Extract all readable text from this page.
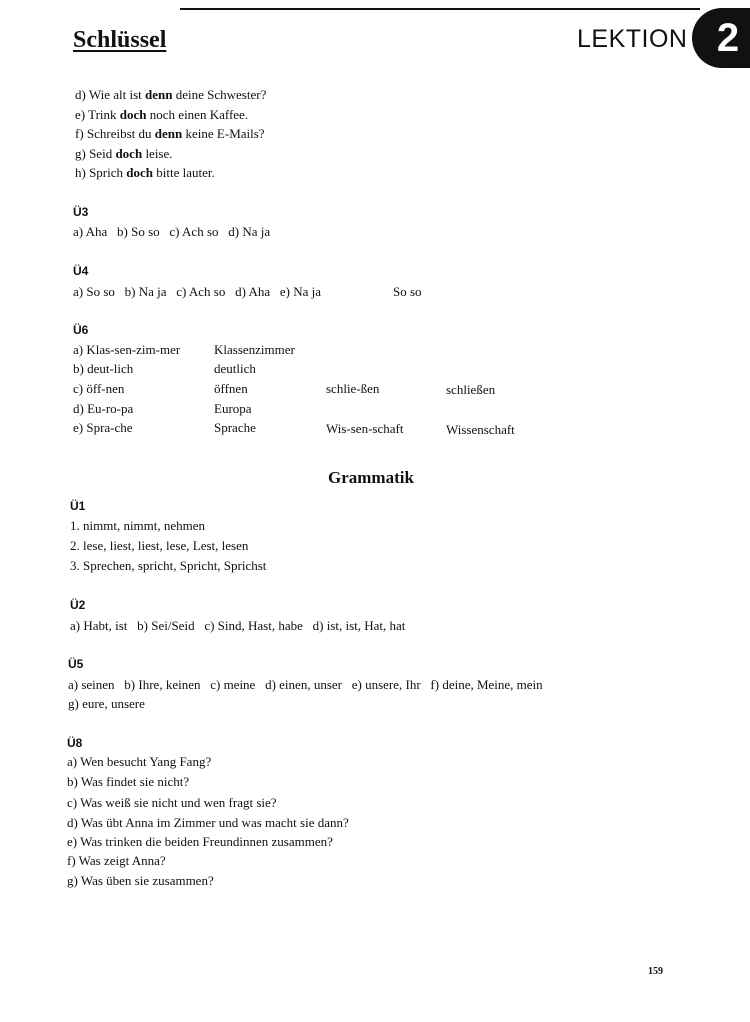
Schlüssel	LEKTION 2
d) Wie alt ist denn deine Schwester?
e) Trink doch noch einen Kaffee.
f) Schreibst du denn keine E-Mails?
g) Seid doch leise.
h) Sprich doch bitte lauter.
Ü3
a) Aha   b) So so   c) Ach so   d) Na ja
Ü4
a) So so   b) Na ja   c) Ach so   d) Aha   e) Na ja	So so
Ü6
a) Klas-sen-zim-mer	Klassenzimmer
b) deut-lich	deutlich
c) öff-nen	öffnen	schlie-ßen	schließen
d) Eu-ro-pa	Europa
e) Spra-che	Sprache	Wis-sen-schaft	Wissenschaft
Grammatik
Ü1
1. nimmt, nimmt, nehmen
2. lese, liest, liest, lese, Lest, lesen
3. Sprechen, spricht, Spricht, Sprichst
Ü2
a) Habt, ist   b) Sei/Seid   c) Sind, Hast, habe   d) ist, ist, Hat, hat
Ü5
a) seinen   b) Ihre, keinen   c) meine   d) einen, unser   e) unsere, Ihr   f) deine, Meine, mein
g) eure, unsere
Ü8
a) Wen besucht Yang Fang?
b) Was findet sie nicht?
c) Was weiß sie nicht und wen fragt sie?
d) Was übt Anna im Zimmer und was macht sie dann?
e) Was trinken die beiden Freundinnen zusammen?
f) Was zeigt Anna?
g) Was üben sie zusammen?
159
